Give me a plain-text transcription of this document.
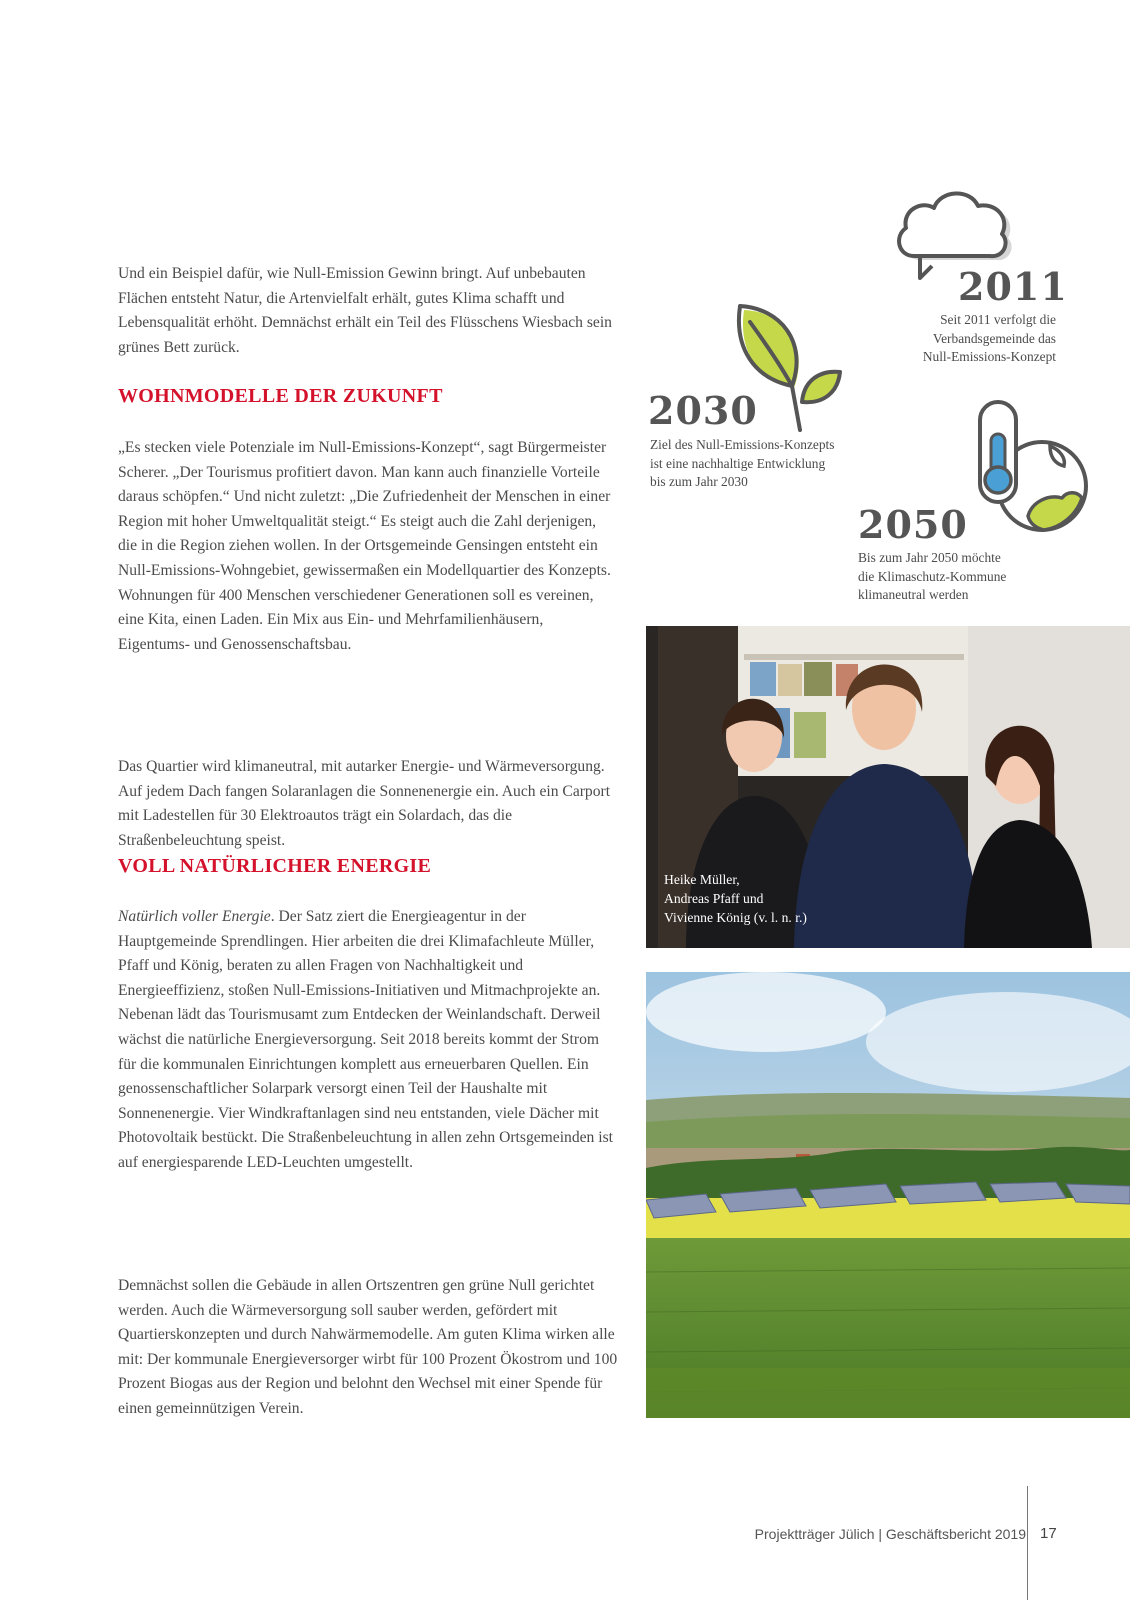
Und ein Beispiel dafür, wie Null-Emission Gewinn bringt. Auf unbebauten Flächen entsteht Natur, die Artenvielfalt erhält, gutes Klima schafft und Lebensqualität erhöht. Demnächst erhält ein Teil des Flüsschens Wiesbach sein grünes Bett zurück.

WOHNMODELLE DER ZUKUNFT

„Es stecken viele Potenziale im Null-Emissions-Konzept“, sagt Bürgermeister Scherer. „Der Tourismus profitiert davon. Man kann auch finanzielle Vorteile daraus schöpfen.“ Und nicht zuletzt: „Die Zufriedenheit der Menschen in einer Region mit hoher Umweltqualität steigt.“ Es steigt auch die Zahl derjenigen, die in die Region ziehen wollen. In der Ortsgemeinde Gensingen entsteht ein Null-Emissions-Wohngebiet, gewissermaßen ein Modellquartier des Konzepts. Wohnungen für 400 Menschen verschiedener Generationen soll es vereinen, eine Kita, einen Laden. Ein Mix aus Ein- und Mehrfamilienhäusern, Eigentums- und Genossenschaftsbau.

Das Quartier wird klimaneutral, mit autarker Energie- und Wärmeversorgung. Auf jedem Dach fangen Solaranlagen die Sonnenenergie ein. Auch ein Carport mit Ladestellen für 30 Elektroautos trägt ein Solardach, das die Straßenbeleuchtung speist.

VOLL NATÜRLICHER ENERGIE

Natürlich voller Energie. Der Satz ziert die Energieagentur in der Hauptgemeinde Sprendlingen. Hier arbeiten die drei Klimafachleute Müller, Pfaff und König, beraten zu allen Fragen von Nachhaltigkeit und Energieeffizienz, stoßen Null-Emissions-Initiativen und Mitmachprojekte an. Nebenan lädt das Tourismusamt zum Entdecken der Weinlandschaft. Derweil wächst die natürliche Energieversorgung. Seit 2018 bereits kommt der Strom für die kommunalen Einrichtungen komplett aus erneuerbaren Quellen. Ein genossenschaftlicher Solarpark versorgt einen Teil der Haushalte mit Sonnenenergie. Vier Windkraftanlagen sind neu entstanden, viele Dächer mit Photovoltaik bestückt. Die Straßenbeleuchtung in allen zehn Ortsgemeinden ist auf energiesparende LED-Leuchten umgestellt.

Demnächst sollen die Gebäude in allen Ortszentren gen grüne Null gerichtet werden. Auch die Wärmeversorgung soll sauber werden, gefördert mit Quartierskonzepten und durch Nahwärmemodelle. Am guten Klima wirken alle mit: Der kommunale Energieversorger wirbt für 100 Prozent Ökostrom und 100 Prozent Biogas aus der Region und belohnt den Wechsel mit einer Spende für einen gemeinnützigen Verein.

2011
Seit 2011 verfolgt die
Verbandsgemeinde das
Null-Emissions-Konzept
2030
Ziel des Null-Emissions-Konzepts
ist eine nachhaltige Entwicklung
bis zum Jahr 2030
2050
Bis zum Jahr 2050 möchte
die Klimaschutz-Kommune
klimaneutral werden
Heike Müller,
Andreas Pfaff und
Vivienne König (v. l. n. r.)
Projektträger Jülich | Geschäftsbericht 2019 17
